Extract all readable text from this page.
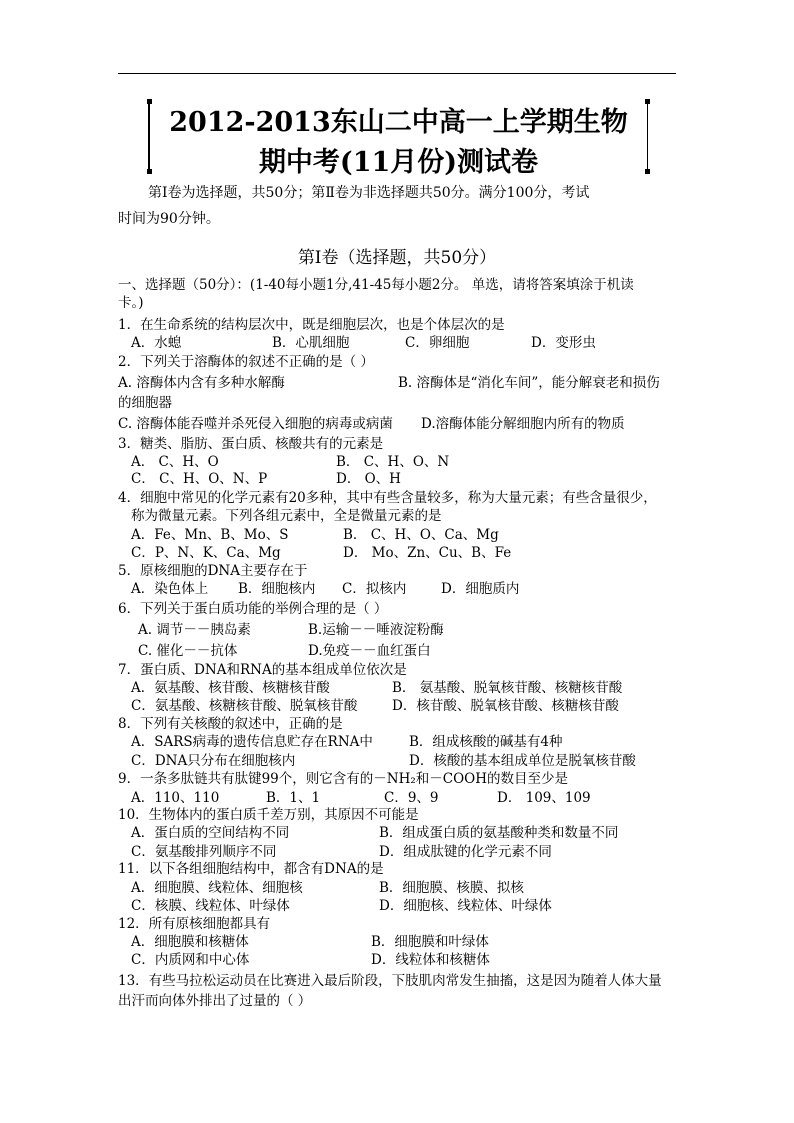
2012-2013东山二中高一上学期生物
期中考(11月份)测试卷
第Ⅰ卷为选择题，共50分；第Ⅱ卷为非选择题共50分。满分100分，考试
时间为90分钟。
第Ⅰ卷（选择题，共50分）
一、选择题（50分）：(1-40每小题1分,41-45每小题2分。 单选，请将答案填涂于机读
卡。)
1．在生命系统的结构层次中，既是细胞层次，也是个体层次的是
A．水螅	B．心肌细胞	C．卵细胞	D．变形虫
2．下列关于溶酶体的叙述不正确的是（ ）
A. 溶酶体内含有多种水解酶	B. 溶酶体是“消化车间”，能分解衰老和损伤
的细胞器
C. 溶酶体能吞噬并杀死侵入细胞的病毒或病菌 D.溶酶体能分解细胞内所有的物质
3．糖类、脂肪、蛋白质、核酸共有的元素是
A． C、H、O	B． C、H、O、N
C． C、H、O、N、P	D． O、H
4．细胞中常见的化学元素有20多种，其中有些含量较多，称为大量元素；有些含量很少，
称为微量元素。下列各组元素中，全是微量元素的是
A．Fe、Mn、B、Mo、S	B． C、H、O、Ca、Mg
C．P、N、K、Ca、Mg	D． Mo、Zn、Cu、B、Fe
5．原核细胞的DNA主要存在于
A．染色体上 B．细胞核内 C．拟核内	D．细胞质内
6．下列关于蛋白质功能的举例合理的是（ ）
A. 调节－－胰岛素	B.运输－－唾液淀粉酶
C. 催化－－抗体	D.免疫－－血红蛋白
7．蛋白质、DNA和RNA的基本组成单位依次是
A．氨基酸、核苷酸、核糖核苷酸	B． 氨基酸、脱氧核苷酸、核糖核苷酸
C．氨基酸、核糖核苷酸、脱氧核苷酸	D．核苷酸、脱氧核苷酸、核糖核苷酸
8．下列有关核酸的叙述中，正确的是
A．SARS病毒的遗传信息贮存在RNA中	B．组成核酸的碱基有4种
C．DNA只分布在细胞核内	D．核酸的基本组成单位是脱氧核苷酸
9．一条多肽链共有肽键99个，则它含有的－NH₂和－COOH的数目至少是
A．110、110	B．1、1	C．9、9	D． 109、109
10．生物体内的蛋白质千差万别，其原因不可能是
A．蛋白质的空间结构不同	B．组成蛋白质的氨基酸种类和数量不同
C．氨基酸排列顺序不同	D．组成肽键的化学元素不同
11．以下各组细胞结构中，都含有DNA的是
A．细胞膜、线粒体、细胞核	B．细胞膜、核膜、拟核
C．核膜、线粒体、叶绿体	D．细胞核、线粒体、叶绿体
12．所有原核细胞都具有
A．细胞膜和核糖体	B．细胞膜和叶绿体
C．内质网和中心体	D．线粒体和核糖体
13．有些马拉松运动员在比赛进入最后阶段，下肢肌肉常发生抽搐，这是因为随着人体大量
出汗而向体外排出了过量的（ ）
